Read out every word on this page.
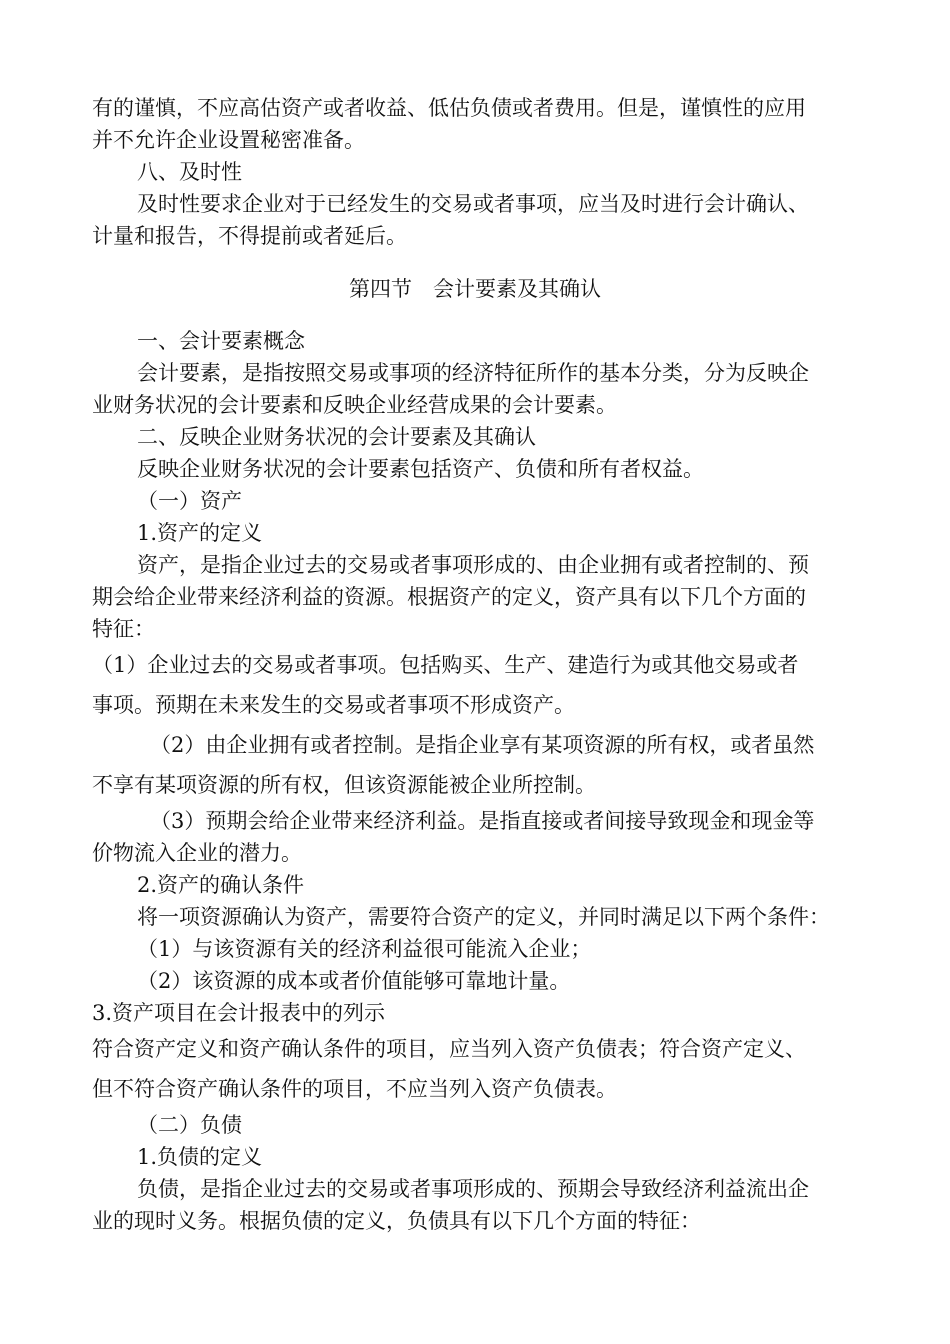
有的谨慎，不应高估资产或者收益、低估负债或者费用。但是，谨慎性的应用
并不允许企业设置秘密准备。
八、及时性
及时性要求企业对于已经发生的交易或者事项，应当及时进行会计确认、
计量和报告，不得提前或者延后。
第四节　会计要素及其确认
一、会计要素概念
会计要素，是指按照交易或事项的经济特征所作的基本分类，分为反映企
业财务状况的会计要素和反映企业经营成果的会计要素。
二、反映企业财务状况的会计要素及其确认
反映企业财务状况的会计要素包括资产、负债和所有者权益。
（一）资产
1.资产的定义
资产，是指企业过去的交易或者事项形成的、由企业拥有或者控制的、预
期会给企业带来经济利益的资源。根据资产的定义，资产具有以下几个方面的
特征：
（1）企业过去的交易或者事项。包括购买、生产、建造行为或其他交易或者
事项。预期在未来发生的交易或者事项不形成资产。
（2）由企业拥有或者控制。是指企业享有某项资源的所有权，或者虽然
不享有某项资源的所有权，但该资源能被企业所控制。
（3）预期会给企业带来经济利益。是指直接或者间接导致现金和现金等
价物流入企业的潜力。
2.资产的确认条件
将一项资源确认为资产，需要符合资产的定义，并同时满足以下两个条件：
（1）与该资源有关的经济利益很可能流入企业；
（2）该资源的成本或者价值能够可靠地计量。
3.资产项目在会计报表中的列示
符合资产定义和资产确认条件的项目，应当列入资产负债表；符合资产定义、
但不符合资产确认条件的项目，不应当列入资产负债表。
（二）负债
1.负债的定义
负债，是指企业过去的交易或者事项形成的、预期会导致经济利益流出企
业的现时义务。根据负债的定义，负债具有以下几个方面的特征：
